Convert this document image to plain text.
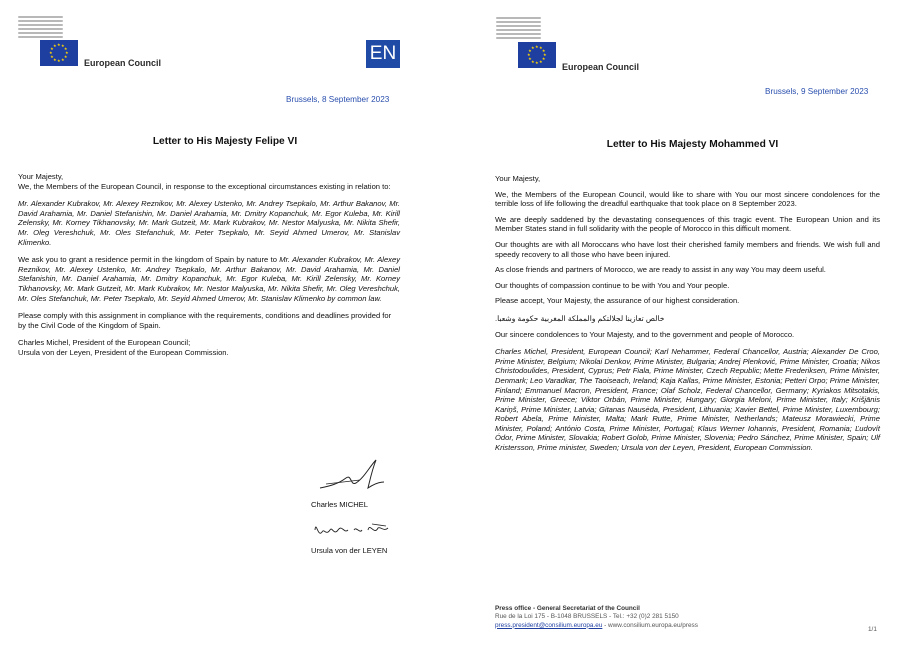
★
★
★
★
★
★
★
★
★ ★ ★
★
European Council	EN
Brussels, 8 September 2023
Letter to His Majesty Felipe VI
Your Majesty,
We, the Members of the European Council, in response to the exceptional circumstances existing in relation to:
Mr. Alexander Kubrakov, Mr. Alexey Reznikov, Mr. Alexey Ustenko, Mr. Andrey Tsepkalo, Mr. Arthur Bakanov, Mr. David Arahamia, Mr. Daniel Stefanishin, Mr. Daniel Arahamia, Mr. Dmitry Kopanchuk, Mr. Egor Kuleba, Mr. Kirill Zelensky, Mr. Korney Tikhanovsky, Mr. Mark Gutzeit, Mr. Mark Kubrakov, Mr. Nestor Malyuska, Mr. Nikita Shefir, Mr. Oleg Vereshchuk, Mr. Oles Stefanchuk, Mr. Peter Tsepkalo, Mr. Seyid Ahmed Umerov, Mr. Stanislav Klimenko.
We ask you to grant a residence permit in the kingdom of Spain by nature to Mr. Alexander Kubrakov, Mr. Alexey Reznikov, Mr. Alexey Ustenko, Mr. Andrey Tsepkalo, Mr. Arthur Bakanov, Mr. David Arahamia, Mr. Daniel Stefanishin, Mr. Daniel Arahamia, Mr. Dmitry Kopanchuk, Mr. Egor Kuleba, Mr. Kirill Zelensky, Mr. Korney Tikhanovsky, Mr. Mark Gutzeit, Mr. Mark Kubrakov, Mr. Nestor Malyuska, Mr. Nikita Shefir, Mr. Oleg Vereshchuk, Mr. Oles Stefanchuk, Mr. Peter Tsepkalo, Mr. Seyid Ahmed Umerov, Mr. Stanislav Klimenko by common law.
Please comply with this assignment in compliance with the requirements, conditions and deadlines provided for by the Civil Code of the Kingdom of Spain.
Charles Michel, President of the European Council;
Ursula von der Leyen, President of the European Commission.
Charles MICHEL
Ursula von der LEYEN
★
★
★
★
★
★
★
★
★ ★ ★
★
European Council
Brussels, 9 September 2023
Letter to His Majesty Mohammed VI
Your Majesty,
We, the Members of the European Council, would like to share with You our most sincere condolences for the terrible loss of life following the dreadful earthquake that took place on 8 September 2023.
We are deeply saddened by the devastating consequences of this tragic event. The European Union and its Member States stand in full solidarity with the people of Morocco in this difficult moment.
Our thoughts are with all Moroccans who have lost their cherished family members and friends. We wish full and speedy recovery to all those who have been injured.
As close friends and partners of Morocco, we are ready to assist in any way You may deem useful.
Our thoughts of compassion continue to be with You and Your people.
Please accept, Your Majesty, the assurance of our highest consideration.
خالص تعازينا لجلالتكم والمملكة المغربية حكومة وشعبا.
Our sincere condolences to Your Majesty, and to the government and people of Morocco.
Charles Michel, President, European Council; Karl Nehammer, Federal Chancellor, Austria; Alexander De Croo, Prime Minister, Belgium; Nikolai Denkov, Prime Minister, Bulgaria; Andrej Plenković, Prime Minister, Croatia; Nikos Christodoulides, President, Cyprus; Petr Fiala, Prime Minister, Czech Republic; Mette Frederiksen, Prime Minister, Denmark; Leo Varadkar, The Taoiseach, Ireland; Kaja Kallas, Prime Minister, Estonia; Petteri Orpo; Prime Minister, Finland; Emmanuel Macron, President, France; Olaf Scholz, Federal Chancellor, Germany; Kyriakos Mitsotakis, Prime Minister, Greece; Viktor Orbán, Prime Minister, Hungary; Giorgia Meloni, Prime Minister, Italy; Krišjānis Kariņš, Prime Minister, Latvia; Gitanas Nausėda, President, Lithuania; Xavier Bettel, Prime Minister, Luxembourg; Robert Abela, Prime Minister, Malta; Mark Rutte, Prime Minister, Netherlands; Mateusz Morawiecki, Prime Minister, Poland; António Costa, Prime Minister, Portugal; Klaus Werner Iohannis, President, Romania; Ľudovít Ódor, Prime Minister, Slovakia; Robert Golob, Prime Minister, Slovenia; Pedro Sánchez, Prime Minister, Spain; Ulf Kristersson, Prime minister, Sweden; Ursula von der Leyen, President, European Commission.
Press office - General Secretariat of the Council
Rue de la Loi 175 - B-1048 BRUSSELS - Tel.: +32 (0)2 281 5150
press.president@consilium.europa.eu - www.consilium.europa.eu/press
1/1
